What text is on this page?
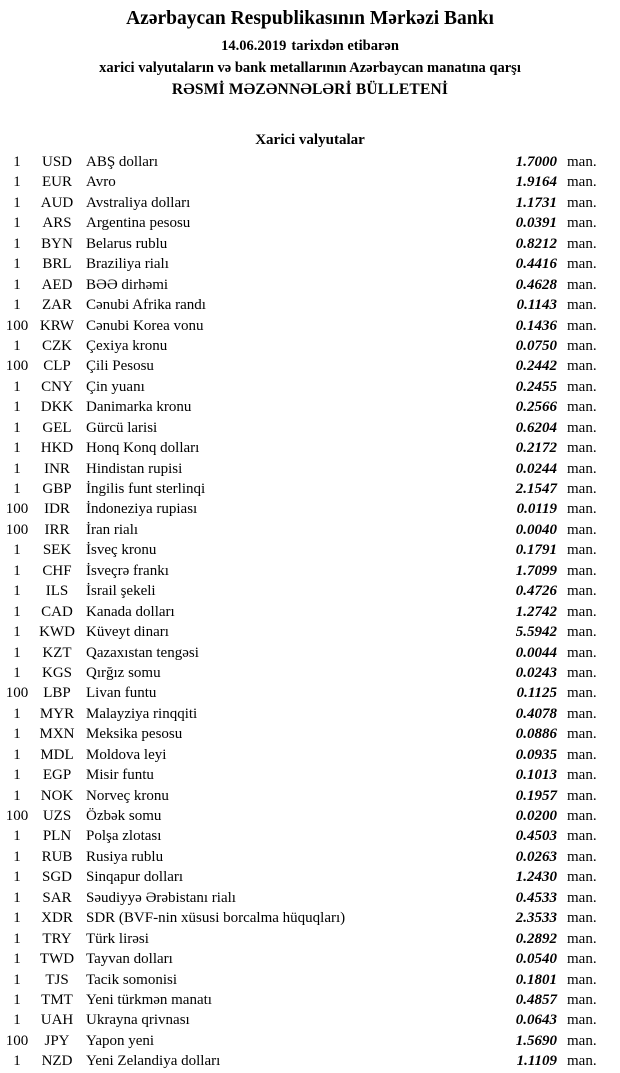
Azərbaycan Respublikasının Mərkəzi Bankı
14.06.2019 tarixdən etibarən
xarici valyutaların və bank metallarının Azərbaycan manatına qarşı
RƏSMİ MƏZƏNNƏLƏRİ BÜLLETENİ
Xarici valyutalar
1	USD ABŞ dolları	1.7000 man.
1	EUR Avro	1.9164 man.
1	AUD Avstraliya dolları	1.1731 man.
1	ARS Argentina pesosu	0.0391 man.
1	BYN Belarus rublu	0.8212 man.
1	BRL Braziliya rialı	0.4416 man.
1	AED BƏƏ dirhəmi	0.4628 man.
1	ZAR Cənubi Afrika randı	0.1143 man.
100 KRW Cənubi Korea vonu	0.1436 man.
1	CZK Çexiya kronu	0.0750 man.
100 CLP	Çili Pesosu	0.2442 man.
1	CNY Çin yuanı	0.2455 man.
1	DKK Danimarka kronu	0.2566 man.
1	GEL Gürcü larisi	0.6204 man.
1	HKD Honq Konq dolları	0.2172 man.
1	INR	Hindistan rupisi	0.0244 man.
1	GBP İngilis funt sterlinqi	2.1547 man.
100	IDR	İndoneziya rupiası	0.0119 man.
100	IRR	İran rialı	0.0040 man.
1	SEK İsveç kronu	0.1791 man.
1	CHF İsveçrə frankı	1.7099 man.
1	ILS	İsrail şekeli	0.4726 man.
1	CAD Kanada dolları	1.2742 man.
1	KWD Küveyt dinarı	5.5942 man.
1	KZT Qazaxıstan tengəsi	0.0044 man.
1	KGS Qırğız somu	0.0243 man.
100 LBP	Livan funtu	0.1125 man.
1	MYR Malayziya rinqqiti	0.4078 man.
1	MXN Meksika pesosu	0.0886 man.
1	MDL Moldova leyi	0.0935 man.
1	EGP Misir funtu	0.1013 man.
1	NOK Norveç kronu	0.1957 man.
100 UZS Özbək somu	0.0200 man.
1	PLN Polşa zlotası	0.4503 man.
1	RUB Rusiya rublu	0.0263 man.
1	SGD Sinqapur dolları	1.2430 man.
1	SAR Səudiyyə Ərəbistanı rialı	0.4533 man.
1	XDR SDR (BVF-nin xüsusi borcalma hüquqları)	2.3533 man.
1	TRY Türk lirəsi	0.2892 man.
1	TWD Tayvan dolları	0.0540 man.
1	TJS	Tacik somonisi	0.1801 man.
1	TMT Yeni türkmən manatı	0.4857 man.
1	UAH Ukrayna qrivnası	0.0643 man.
100	JPY	Yapon yeni	1.5690 man.
1	NZD Yeni Zelandiya dolları	1.1109 man.
